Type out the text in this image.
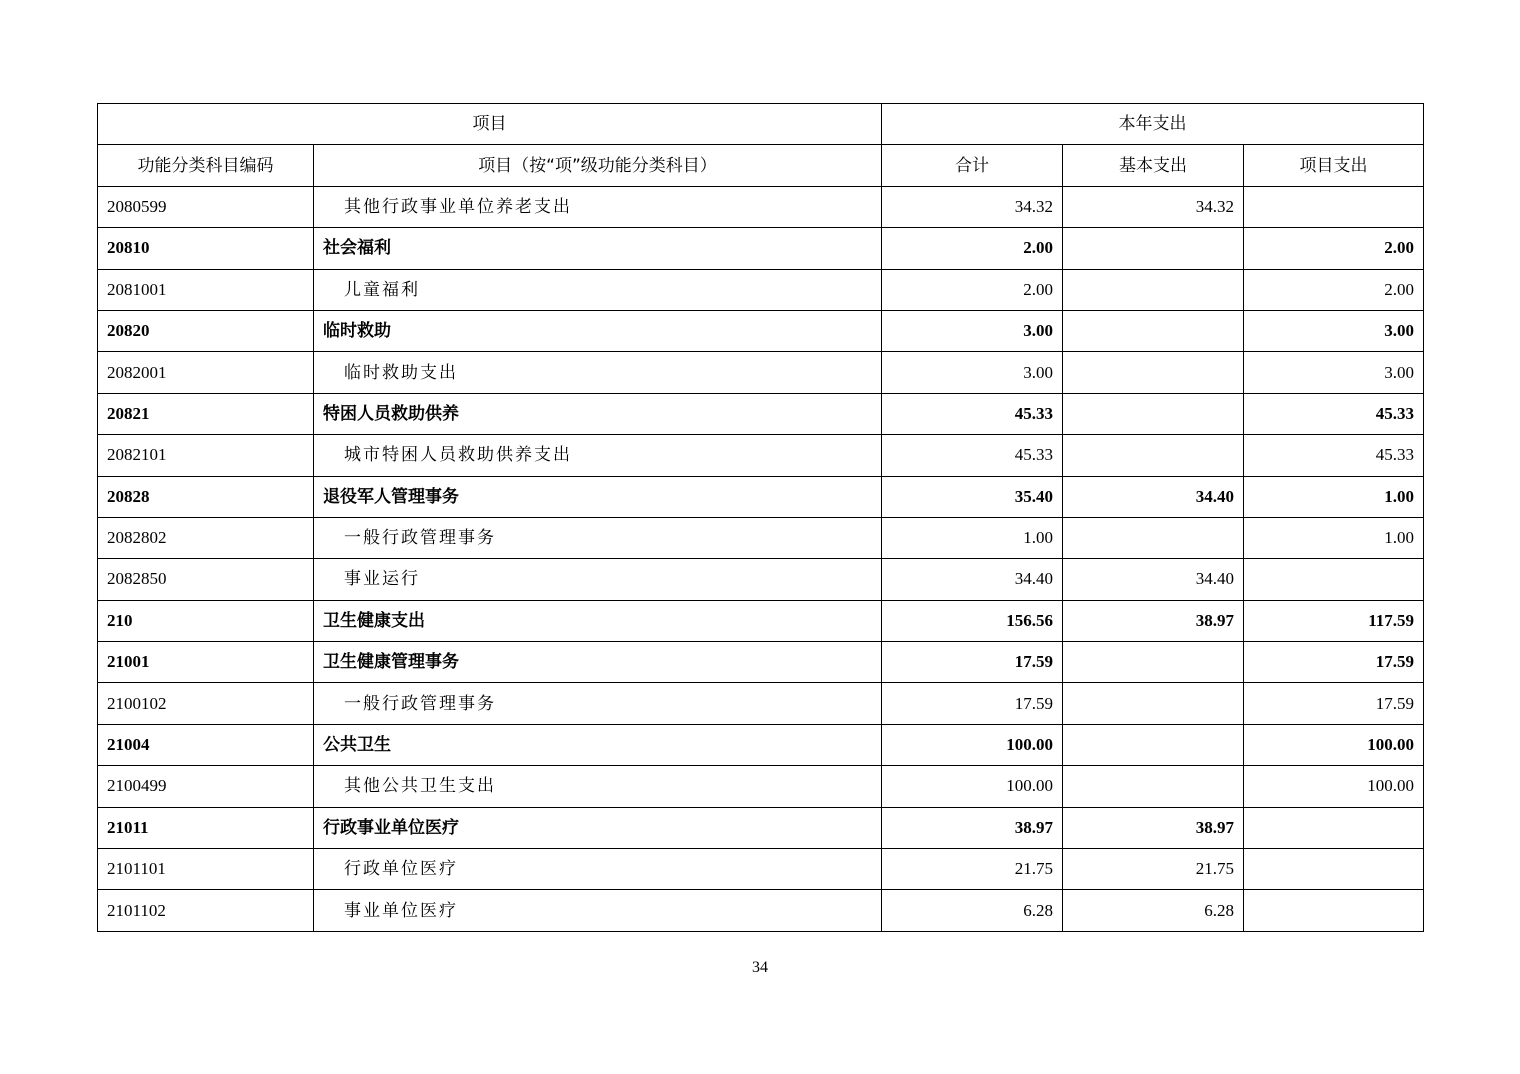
项目		本年支出		
功能分类科目编码	项目（按“项”级功能分类科目）	合计	基本支出	项目支出
2080599	其他行政事业单位养老支出	34.32	34.32	
20810	社会福利	2.00		2.00
2081001	儿童福利	2.00		2.00
20820	临时救助	3.00		3.00
2082001	临时救助支出	3.00		3.00
20821	特困人员救助供养	45.33		45.33
2082101	城市特困人员救助供养支出	45.33		45.33
20828	退役军人管理事务	35.40	34.40	1.00
2082802	一般行政管理事务	1.00		1.00
2082850	事业运行	34.40	34.40	
210	卫生健康支出	156.56	38.97	117.59
21001	卫生健康管理事务	17.59		17.59
2100102	一般行政管理事务	17.59		17.59
21004	公共卫生	100.00		100.00
2100499	其他公共卫生支出	100.00		100.00
21011	行政事业单位医疗	38.97	38.97	
2101101	行政单位医疗	21.75	21.75	
2101102	事业单位医疗	6.28	6.28	
34
